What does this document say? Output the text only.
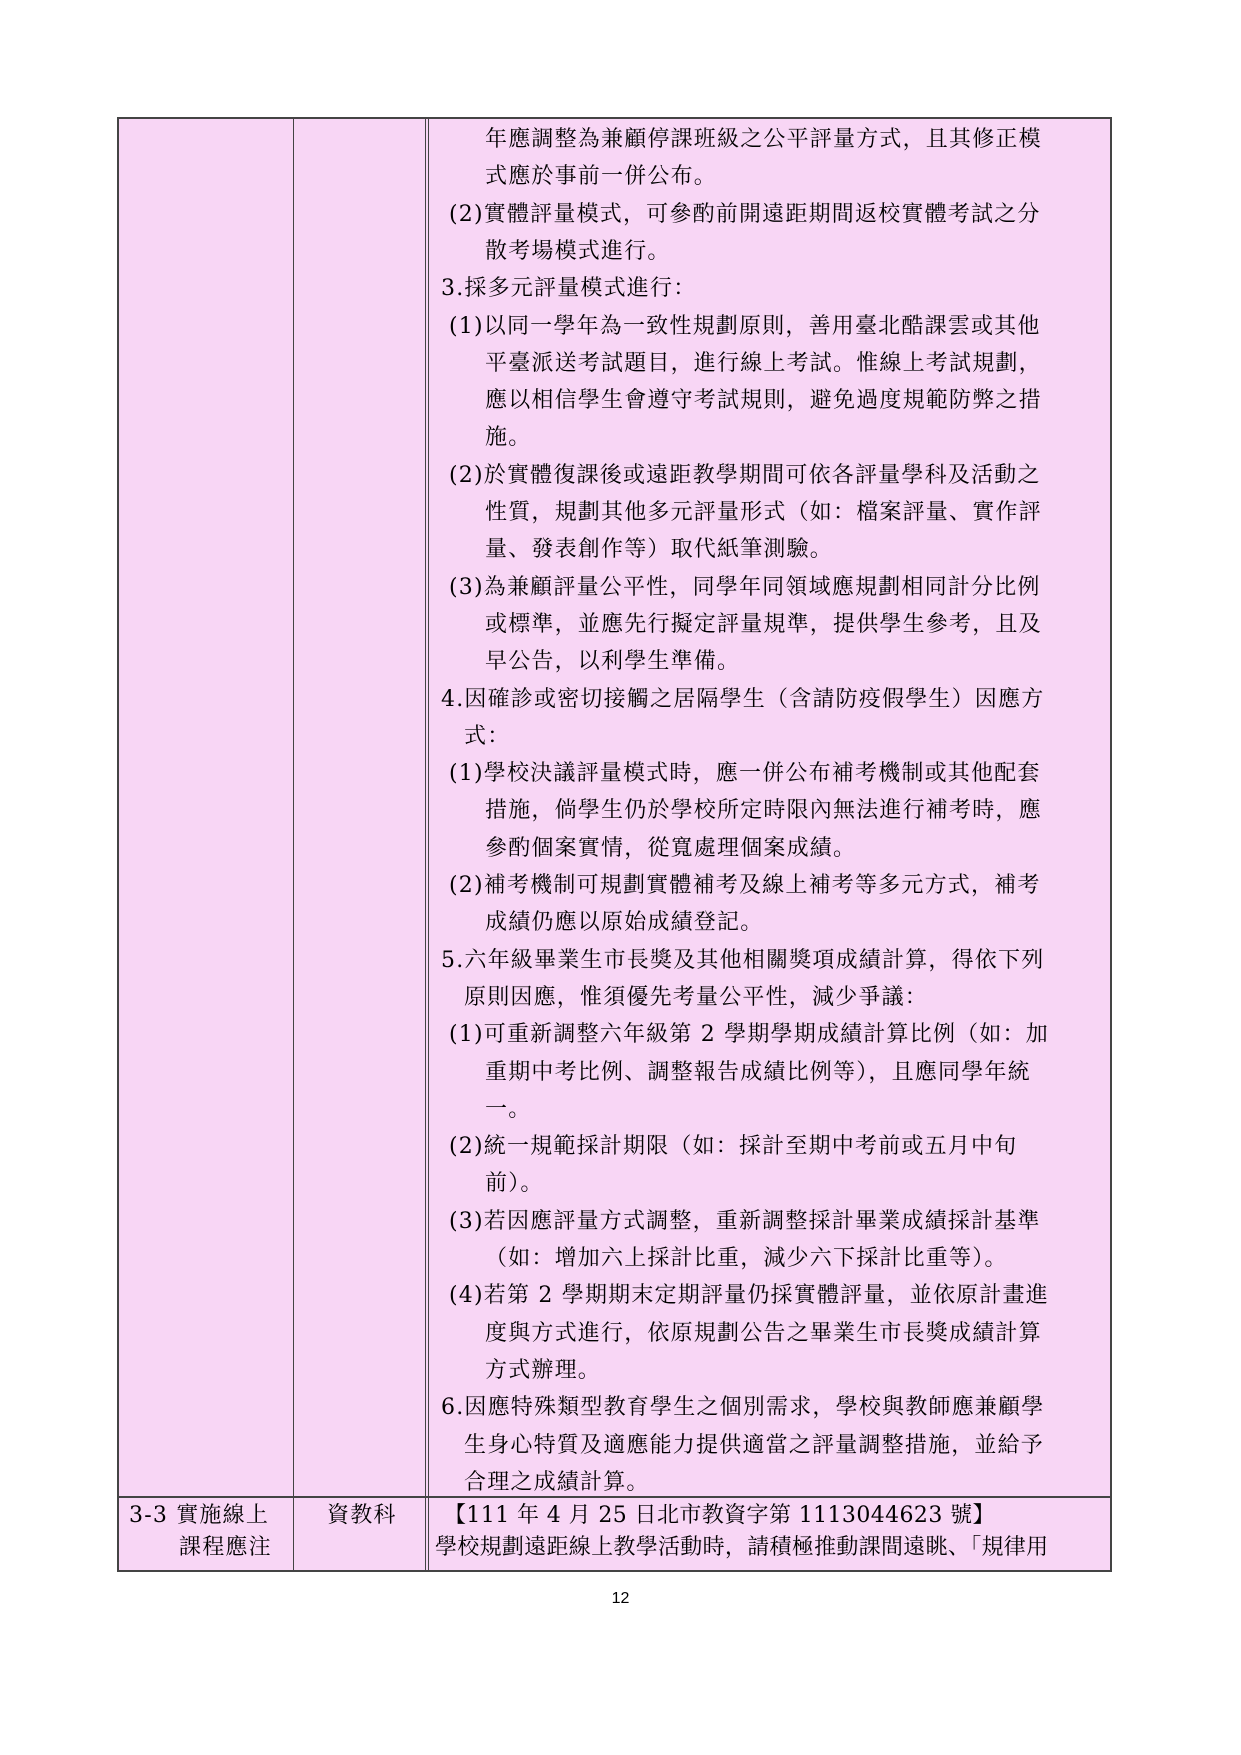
年應調整為兼顧停課班級之公平評量方式，且其修正模
式應於事前一併公布。
(2)實體評量模式，可參酌前開遠距期間返校實體考試之分
散考場模式進行。
3.採多元評量模式進行：
(1)以同一學年為一致性規劃原則，善用臺北酷課雲或其他
平臺派送考試題目，進行線上考試。惟線上考試規劃，
應以相信學生會遵守考試規則，避免過度規範防弊之措
施。
(2)於實體復課後或遠距教學期間可依各評量學科及活動之
性質，規劃其他多元評量形式（如：檔案評量、實作評
量、發表創作等）取代紙筆測驗。
(3)為兼顧評量公平性，同學年同領域應規劃相同計分比例
或標準，並應先行擬定評量規準，提供學生參考，且及
早公告，以利學生準備。
4.因確診或密切接觸之居隔學生（含請防疫假學生）因應方
式：
(1)學校決議評量模式時，應一併公布補考機制或其他配套
措施，倘學生仍於學校所定時限內無法進行補考時，應
參酌個案實情，從寬處理個案成績。
(2)補考機制可規劃實體補考及線上補考等多元方式，補考
成績仍應以原始成績登記。
5.六年級畢業生市長獎及其他相關獎項成績計算，得依下列
原則因應，惟須優先考量公平性，減少爭議：
(1)可重新調整六年級第 2 學期學期成績計算比例（如：加
重期中考比例、調整報告成績比例等），且應同學年統
一。
(2)統一規範採計期限（如：採計至期中考前或五月中旬
前）。
(3)若因應評量方式調整，重新調整採計畢業成績採計基準
（如：增加六上採計比重，減少六下採計比重等）。
(4)若第 2 學期期末定期評量仍採實體評量，並依原計畫進
度與方式進行，依原規劃公告之畢業生市長獎成績計算
方式辦理。
6.因應特殊類型教育學生之個別需求，學校與教師應兼顧學
生身心特質及適應能力提供適當之評量調整措施，並給予
合理之成績計算。
3-3 實施線上
課程應注
資教科 【111 年 4 月 25 日北市教資字第 1113044623 號】
學校規劃遠距線上教學活動時，請積極推動課間遠眺、「規律用
12
